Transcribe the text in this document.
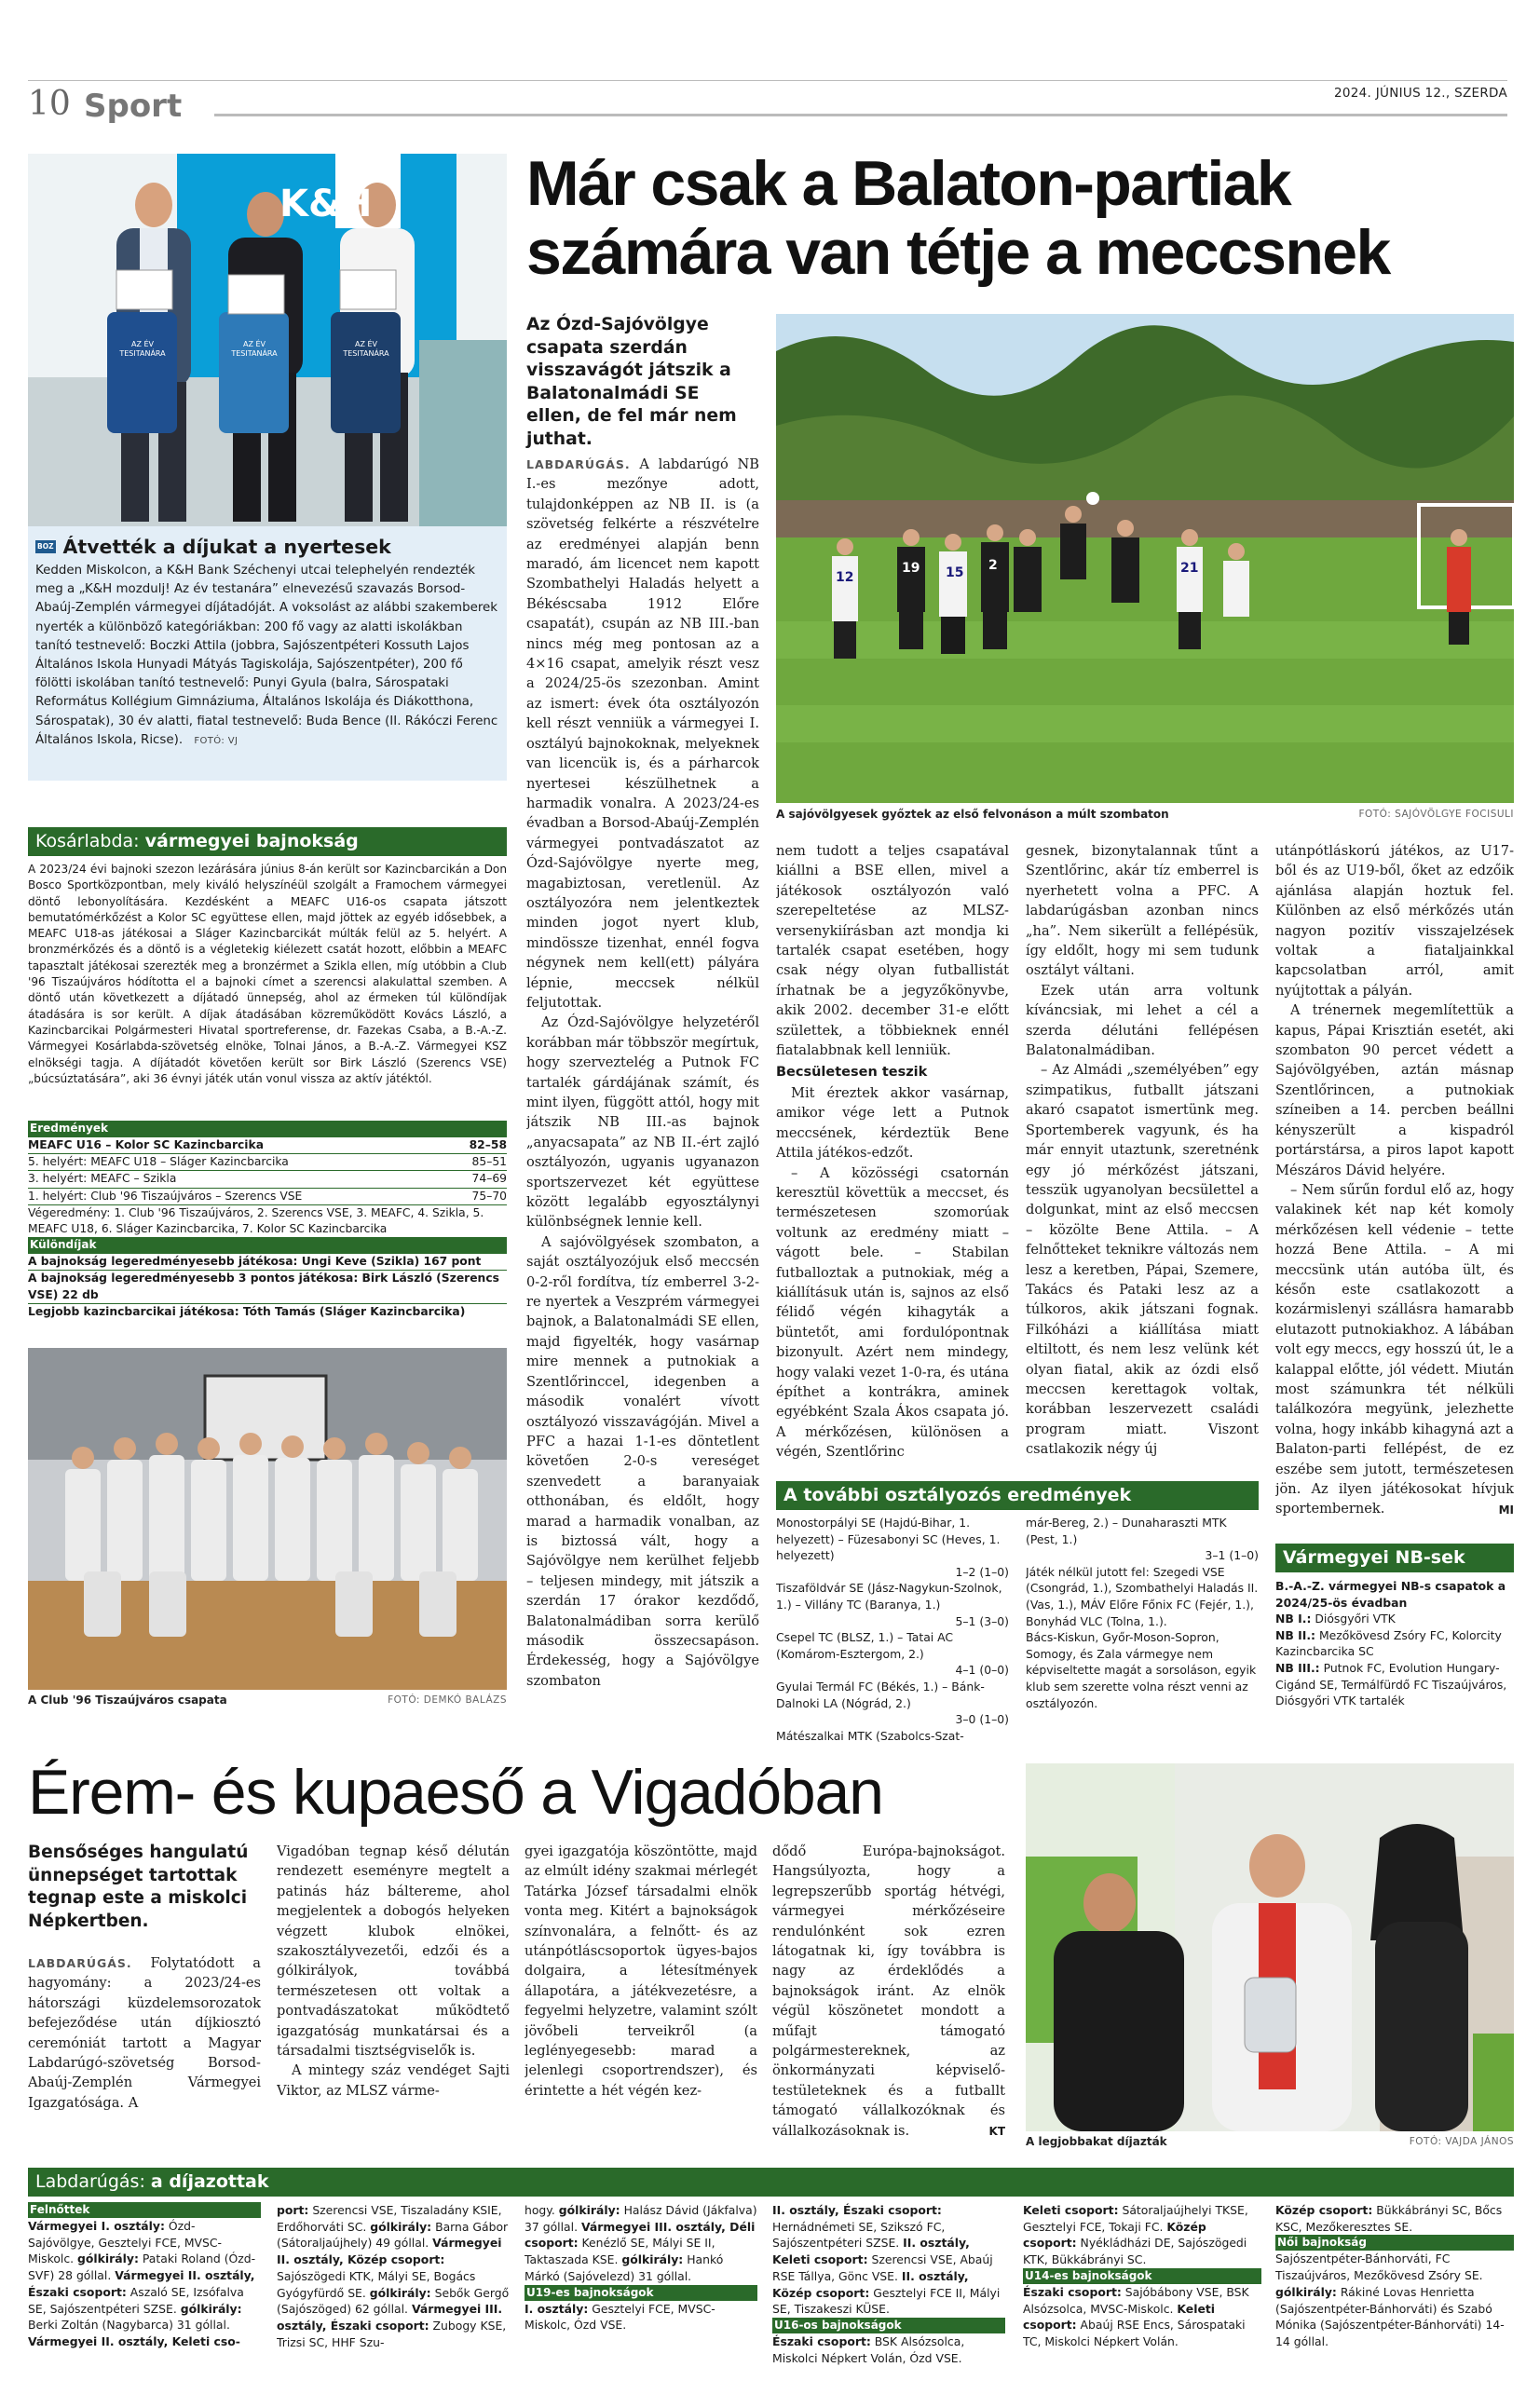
10 Sport	2024. JÚNIUS 12., SZERDA
K&H
AZ ÉV TESITANÁRA
AZ ÉV TESITANÁRA
AZ ÉV TESITANÁRA
BOZ Átvették a díjukat a nyertesek
Kedden Miskolcon, a K&H Bank Széchenyi utcai telephelyén rendezték meg a „K&H mozdulj! Az év testanára” elnevezésű szavazás Borsod-Abaúj-Zemplén vármegyei díjátadóját. A voksolást az alábbi szakemberek nyerték a különböző kategóriákban: 200 fő vagy az alatti iskolákban tanító testnevelő: Boczki Attila (jobbra, Sajószentpéteri Kossuth Lajos Általános Iskola Hunyadi Mátyás Tagiskolája, Sajószentpéter), 200 fő fölötti iskolában tanító testnevelő: Punyi Gyula (balra, Sárospataki Református Kollégium Gimnáziuma, Általános Iskolája és Diákotthona, Sárospatak), 30 év alatti, fiatal testnevelő: Buda Bence (II. Rákóczi Ferenc Általános Iskola, Ricse). FOTÓ: VJ
Kosárlabda: vármegyei bajnokság
A 2023/24 évi bajnoki szezon lezárására június 8-án került sor Kazincbarcikán a Don Bosco Sportközpontban, mely kiváló helyszínéül szolgált a Framochem vármegyei döntő lebonyolítására. Kezdésként a MEAFC U16-os csapata játszott bemutatómérkőzést a Kolor SC együttese ellen, majd jöttek az egyéb idősebbek, a MEAFC U18-as játékosai a Sláger Kazincbarcikát múlták felül az 5. helyért. A bronzmérkőzés és a döntő is a végletekig kiélezett csatát hozott, előbbin a MEAFC tapasztalt játékosai szerezték meg a bronzérmet a Szikla ellen, míg utóbbin a Club '96 Tiszaújváros hódította el a bajnoki címet a szerencsi alakulattal szemben. A döntő után következett a díjátadó ünnepség, ahol az érmeken túl különdíjak átadására is sor került. A díjak átadásában közreműködött Kovács László, a Kazincbarcikai Polgármesteri Hivatal sportreferense, dr. Fazekas Csaba, a B.-A.-Z. Vármegyei Kosárlabda-szövetség elnöke, Tolnai János, a B.-A.-Z. Vármegyei KSZ elnökségi tagja. A díjátadót követően került sor Birk László (Szerencs VSE) „búcsúztatására”, aki 36 évnyi játék után vonul vissza az aktív játéktól.
Eredmények
MEAFC U16 – Kolor SC Kazincbarcika	82–58
5. helyért: MEAFC U18 – Sláger Kazincbarcika	85–51
3. helyért: MEAFC – Szikla	74–69
1. helyért: Club '96 Tiszaújváros – Szerencs VSE	75–70
Végeredmény: 1. Club '96 Tiszaújváros, 2. Szerencs VSE, 3. MEAFC, 4. Szikla, 5. MEAFC U18, 6. Sláger Kazincbarcika, 7. Kolor SC Kazincbarcika
Különdíjak
A bajnokság legeredményesebb játékosa: Ungi Keve (Szikla) 167 pont
A bajnokság legeredményesebb 3 pontos játékosa: Birk László (Szerencs VSE) 22 db
Legjobb kazincbarcikai játékosa: Tóth Tamás (Sláger Kazincbarcika)
A Club '96 Tiszaújváros csapata	FOTÓ: DEMKÓ BALÁZS
Már csak a Balaton-partiak számára van tétje a meccsnek
Az Ózd-Sajóvölgye csapata szerdán visszavágót játszik a Balatonalmádi SE ellen, de fel már nem juthat.
12
19	2	21
15
A sajóvölgyesek győztek az első felvonáson a múlt szombaton	FOTÓ: SAJÓVÖLGYE FOCISULI

LABDARÚGÁS. A labdarúgó NB I.-es mezőnye adott, tulajdonképpen az NB II. is (a szövetség felkérte a részvételre az eredményei alapján benn maradó, ám licencet nem kapott Szombathelyi Haladás helyett a Békéscsaba 1912 Előre csapatát), csupán az NB III.-ban nincs még meg pontosan az a 4×16 csapat, amelyik részt vesz a 2024/25-ös szezonban. Amint az ismert: évek óta osztályozón kell részt venniük a vármegyei I. osztályú bajnokoknak, melyeknek van licencük is, és a párharcok nyertesei készülhetnek a harmadik vonalra. A 2023/24-es évadban a Borsod-Abaúj-Zemplén vármegyei pontvadászatot az Ózd-Sajóvölgye nyerte meg, magabiztosan, veretlenül. Az osztályozóra nem jelentkeztek minden jogot nyert klub, mindössze tizenhat, ennél fogva négynek nem kell(ett) pályára lépnie, meccsek nélkül feljutottak.

Az Ózd-Sajóvölgye helyzetéről korábban már többször megírtuk, hogy szerveztelég a Putnok FC tartalék gárdájának számít, és mint ilyen, függött attól, hogy mit játszik NB III.-as bajnok „anyacsapata” az NB II.-ért zajló osztályozón, ugyanis ugyanazon sportszervezet két együttese között legalább egyosztálynyi különbségnek lennie kell.

A sajóvölgyések szombaton, a saját osztályozójuk első meccsén 0-2-ről fordítva, tíz emberrel 3-2-re nyertek a Veszprém vármegyei bajnok, a Balatonalmádi SE ellen, majd figyelték, hogy vasárnap mire mennek a putnokiak a Szentlőrinccel, idegenben a második vonalért vívott osztályozó visszavágóján. Mivel a PFC a hazai 1-1-es döntetlent követően 2-0-s vereséget szenvedett a baranyaiak otthonában, és eldőlt, hogy marad a harmadik vonalban, az is biztossá vált, hogy a Sajóvölgye nem kerülhet feljebb – teljesen mindegy, mit játszik a szerdán 17 órakor kezdődő, Balatonalmádiban sorra kerülő második összecsapáson. Érdekesség, hogy a Sajóvölgye szombaton

nem tudott a teljes csapatával kiállni a BSE ellen, mivel a játékosok osztályozón való szerepeltetése az MLSZ-versenykiírásban azt mondja ki tartalék csapat esetében, hogy csak négy olyan futballistát írhatnak be a jegyzőkönyvbe, akik 2002. december 31-e előtt születtek, a többieknek ennél fiatalabbnak kell lenniük.

Becsületesen teszik

Mit éreztek akkor vasárnap, amikor vége lett a Putnok meccsének, kérdeztük Bene Attila játékos-edzőt.

– A közösségi csatornán keresztül követtük a meccset, és természetesen szomorúak voltunk az eredmény miatt – vágott bele. – Stabilan futballoztak a putnokiak, még a kiállításuk után is, sajnos az első félidő végén kihagyták a büntetőt, ami fordulópontnak bizonyult. Azért nem mindegy, hogy valaki vezet 1-0-ra, és utána építhet a kontrákra, aminek egyébként Szala Ákos csapata jó. A mérkőzésen, különösen a végén, Szentlőrinc

gesnek, bizonytalannak tűnt a Szentlőrinc, akár tíz emberrel is nyerhetett volna a PFC. A labdarúgásban azonban nincs „ha”. Nem sikerült a fellépésük, így eldőlt, hogy mi sem tudunk osztályt váltani.

Ezek után arra voltunk kíváncsiak, mi lehet a cél a szerda délutáni fellépésen Balatonalmádiban.

– Az Almádi „személyében” egy szimpatikus, futballt játszani akaró csapatot ismertünk meg. Sportemberek vagyunk, és ha már ennyit utaztunk, szeretnénk egy jó mérkőzést játszani, tesszük ugyanolyan becsülettel a dolgunkat, mint az első meccsen – közölte Bene Attila. – A felnőtteket teknikre változás nem lesz a keretben, Pápai, Szemere, Takács és Pataki lesz az a túlkoros, akik játszani fognak. Filkóházi a kiállítása miatt eltiltott, és nem lesz velünk két olyan fiatal, akik az ózdi első meccsen kerettagok voltak, korábban leszervezett családi program miatt. Viszont csatlakozik négy új

utánpótláskorú játékos, az U17-ből és az U19-ből, őket az edzőik ajánlása alapján hoztuk fel. Különben az első mérkőzés után nagyon pozitív visszajelzések voltak a fiataljainkkal kapcsolatban arról, amit nyújtottak a pályán.

A trénernek megemlítettük a kapus, Pápai Krisztián esetét, aki szombaton 90 percet védett a Sajóvölgyében, aztán másnap Szentlőrincen, a putnokiak színeiben a 14. percben beállni kényszerült a kispadról portárstársa, a piros lapot kapott Mészáros Dávid helyére.

– Nem sűrűn fordul elő az, hogy valakinek két nap két komoly mérkőzésen kell védenie – tette hozzá Bene Attila. – A mi meccsünk után autóba ült, és későn este csatlakozott a kozármislenyi szállásra hamarabb elutazott putnokiakhoz. A lábában volt egy meccs, egy hosszú út, le a kalappal előtte, jól védett. Miután most számunkra tét nélküli találkozóra megyünk, jelezhette volna, hogy inkább kihagyná azt a Balaton-parti fellépést, de ez eszébe sem jutott, természetesen jön. Az ilyen játékosokat hívjuk sportembernek.	MI
A további osztályozós eredmények
Monostorpályi SE (Hajdú-Bihar, 1. helyezett) – Füzesabonyi SC (Heves, 1. helyezett)
1–2 (1–0)
Tiszaföldvár SE (Jász-Nagykun-Szolnok, 1.) – Villány TC (Baranya, 1.)
5–1 (3–0)
Csepel TC (BLSZ, 1.) – Tatai AC (Komárom-Esztergom, 2.)
4–1 (0–0)
Gyulai Termál FC (Békés, 1.) – Bánk-Dalnoki LA (Nógrád, 2.)
3–0 (1–0)
Mátészalkai MTK (Szabolcs-Szat-
már-Bereg, 2.) – Dunaharaszti MTK (Pest, 1.)
3–1 (1–0)
Játék nélkül jutott fel: Szegedi VSE (Csongrád, 1.), Szombathelyi Haladás II. (Vas, 1.), MÁV Előre Főnix FC (Fejér, 1.), Bonyhád VLC (Tolna, 1.).
Bács-Kiskun, Győr-Moson-Sopron, Somogy, és Zala vármegye nem képviseltette magát a sorsoláson, egyik klub sem szerette volna részt venni az osztályozón.
Vármegyei NB-sek
B.-A.-Z. vármegyei NB-s csapatok a 2024/25-ös évadban
NB I.: Diósgyőri VTK
NB II.: Mezőkövesd Zsóry FC, Kolorcity Kazincbarcika SC
NB III.: Putnok FC, Evolution Hungary-Cigánd SE, Termálfürdő FC Tiszaújváros, Diósgyőri VTK tartalék
Érem- és kupaeső a Vigadóban
Bensőséges hangulatú ünnepséget tartottak tegnap este a miskolci Népkertben.

LABDARÚGÁS. Folytatódott a hagyomány: a 2023/24-es hátországi küzdelemsorozatok befejeződése után díjkiosztó ceremóniát tartott a Magyar Labdarúgó-szövetség Borsod-Abaúj-Zemplén Vármegyei Igazgatósága. A

Vigadóban tegnap késő délután rendezett eseményre megtelt a patinás ház báltereme, ahol megjelentek a dobogós helyeken végzett klubok elnökei, szakosztályvezetői, edzői és a gólkirályok, továbbá természetesen ott voltak a pontvadászatokat működtető igazgatóság munkatársai és a társadalmi tisztségviselők is.

A mintegy száz vendéget Sajti Viktor, az MLSZ várme-

gyei igazgatója köszöntötte, majd az elmúlt idény szakmai mérlegét Tatárka József társadalmi elnök vonta meg. Kitért a bajnokságok színvonalára, a felnőtt- és az utánpótláscsoportok ügyes-bajos dolgaira, a létesítmények állapotára, a játékvezetésre, a fegyelmi helyzetre, valamint szólt jövőbeli terveikről (a leglényegesebb: marad a jelenlegi csoportrendszer), és érintette a hét végén kez-

dődő Európa-bajnokságot. Hangsúlyozta, hogy a legrepszerűbb sportág hétvégi, vármegyei mérkőzéseire rendulónként sok ezren látogatnak ki, így továbbra is nagy az érdeklődés a bajnokságok iránt. Az elnök végül köszönetet mondott a műfajt támogató polgármestereknek, az önkormányzati képviselő-testületeknek és a futballt támogató vállalkozóknak és vállalkozásoknak is.	KT
A legjobbakat díjazták	FOTÓ: VAJDA JÁNOS
Labdarúgás: a díjazottak
Felnőttek
Vármegyei I. osztály: Ózd-Sajóvölgye, Gesztelyi FCE, MVSC-Miskolc. gólkirály: Pataki Roland (Ózd-SVF) 28 góllal. Vármegyei II. osztály, Északi csoport: Aszaló SE, Izsófalva SE, Sajószentpéteri SZSE. gólkirály: Berki Zoltán (Nagybarca) 31 góllal. Vármegyei II. osztály, Keleti cso-
port: Szerencsi VSE, Tiszaladány KSIE, Erdőhorváti SC. gólkirály: Barna Gábor (Sátoraljaújhely) 49 góllal. Vármegyei II. osztály, Közép csoport: Sajószögedi KTK, Mályi SE, Bogács Gyógyfürdő SE. gólkirály: Sebők Gergő (Sajószöged) 62 góllal. Vármegyei III. osztály, Északi csoport: Zubogy KSE, Trizsi SC, HHF Szu-
hogy. gólkirály: Halász Dávid (Jákfalva) 37 góllal. Vármegyei III. osztály, Déli csoport: Kenézlő SE, Mályi SE II, Taktaszada KSE. gólkirály: Hankó Márkó (Sajóvelezd) 31 góllal.
U19-es bajnokságok
I. osztály: Gesztelyi FCE, MVSC-Miskolc, Ózd VSE.
II. osztály, Északi csoport: Hernádnémeti SE, Szikszó FC, Sajószentpéteri SZSE. II. osztály, Keleti csoport: Szerencsi VSE, Abaúj RSE Tállya, Gönc VSE. II. osztály, Közép csoport: Gesztelyi FCE II, Mályi SE, Tiszakeszi KÜSE.
U16-os bajnokságok
Északi csoport: BSK Alsózsolca, Miskolci Népkert Volán, Ózd VSE.
Keleti csoport: Sátoraljaújhelyi TKSE, Gesztelyi FCE, Tokaji FC. Közép csoport: Nyékládházi DE, Sajószögedi KTK, Bükkábrányi SC.
U14-es bajnokságok
Északi csoport: Sajóbábony VSE, BSK Alsózsolca, MVSC-Miskolc. Keleti csoport: Abaúj RSE Encs, Sárospataki TC, Miskolci Népkert Volán.
Közép csoport: Bükkábrányi SC, Bőcs KSC, Mezőkeresztes SE.
Női bajnokság
Sajószentpéter-Bánhorváti, FC Tiszaújváros, Mezőkövesd Zsóry SE. gólkirály: Rákiné Lovas Henrietta (Sajószentpéter-Bánhorváti) és Szabó Mónika (Sajószentpéter-Bánhorváti) 14-14 góllal.
